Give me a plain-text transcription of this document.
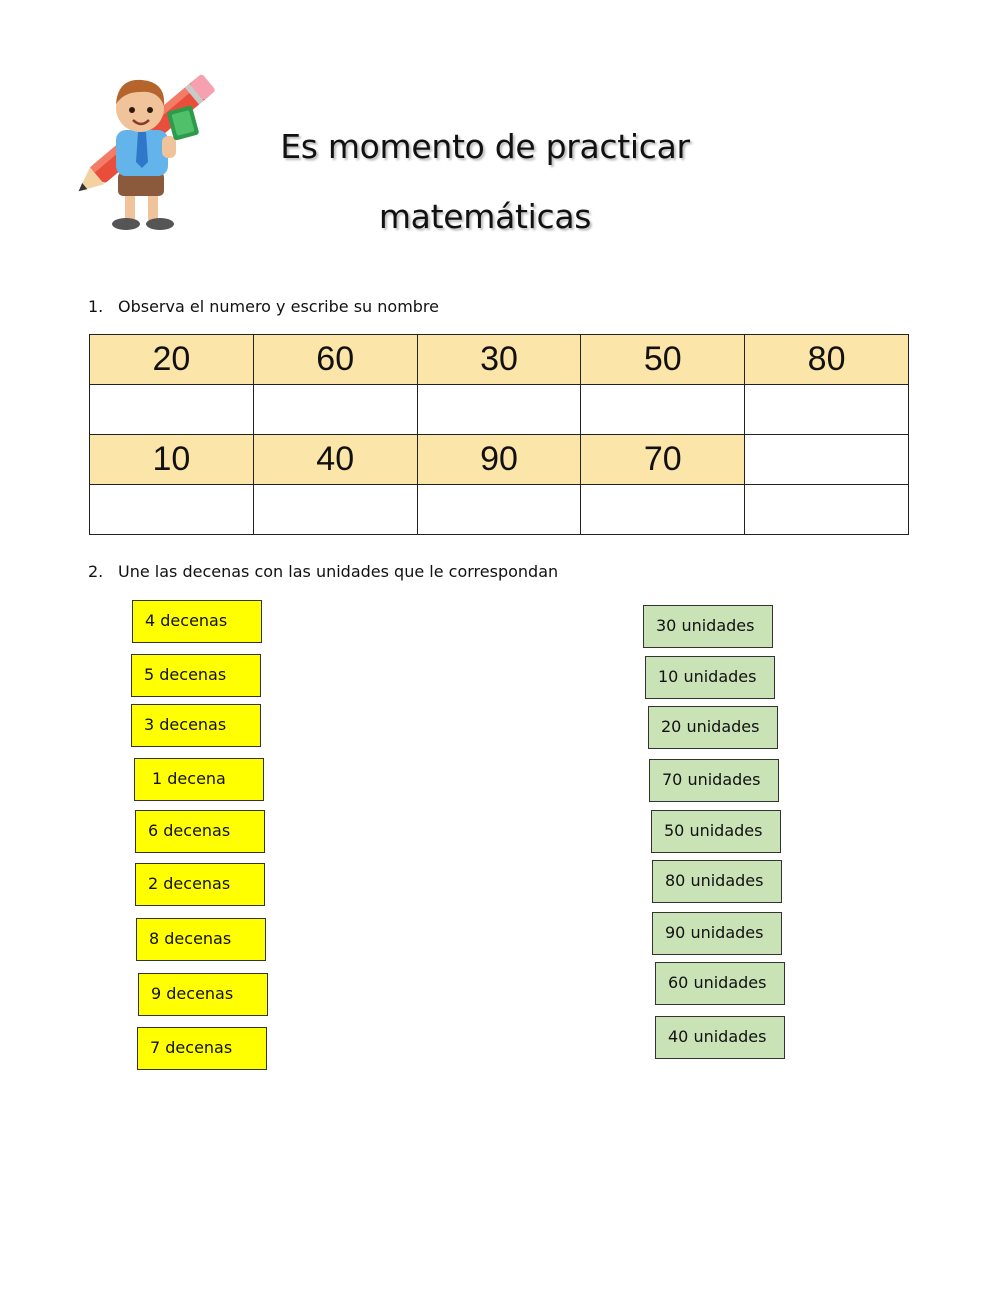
Es momento de practicar
matemáticas
1. Observa el numero y escribe su nombre
20	60	30	50	80

10	40	90	70	

2. Une las decenas con las unidades que le correspondan
4 decenas
5 decenas
3 decenas
1 decena
6 decenas
2 decenas
8 decenas
9 decenas
7 decenas
30 unidades
10 unidades
20 unidades
70 unidades
50 unidades
80 unidades
90 unidades
60 unidades
40 unidades
